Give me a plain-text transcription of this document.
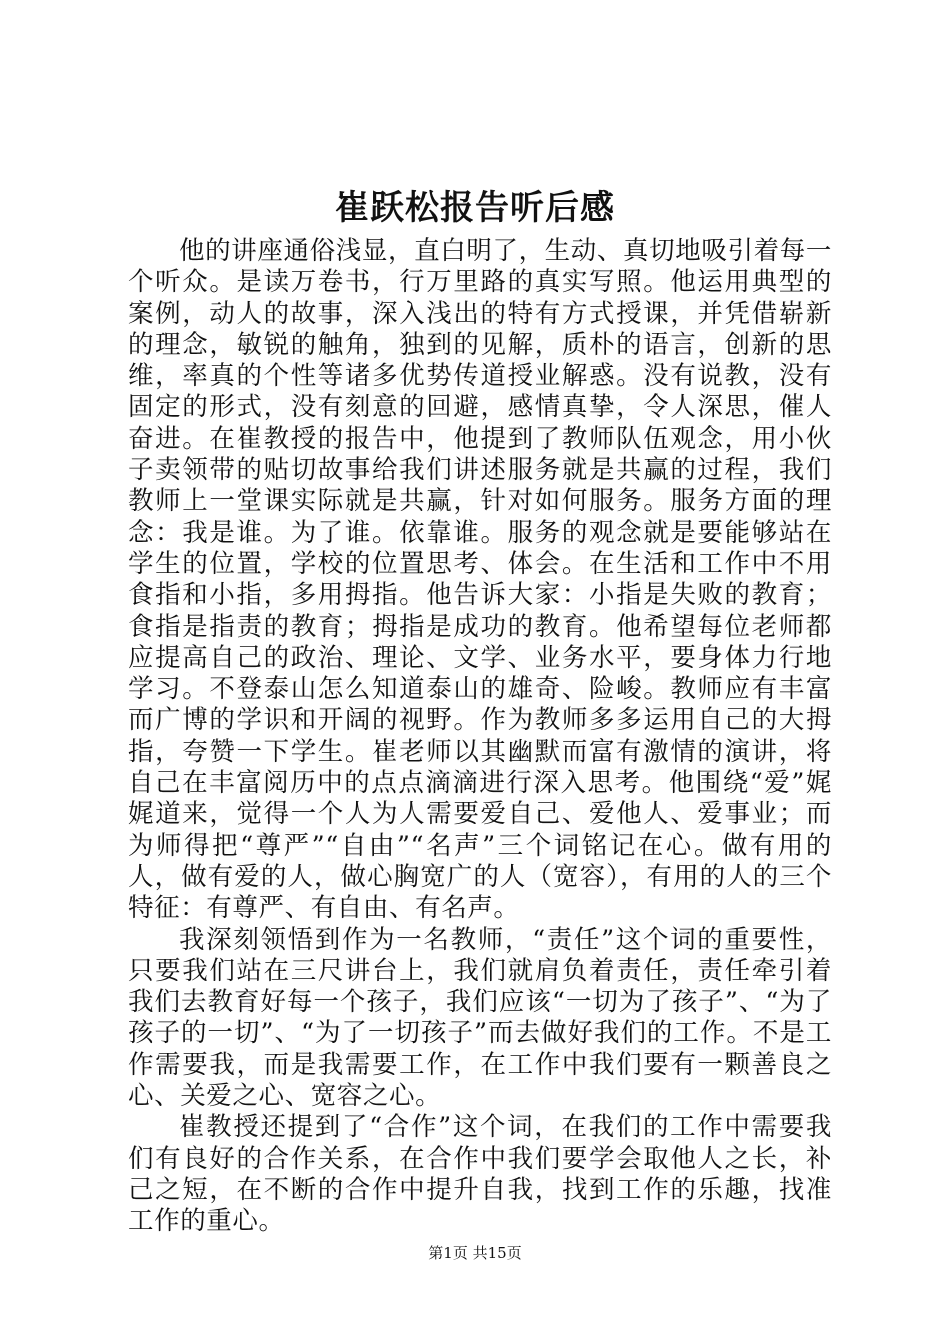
崔跃松报告听后感

他的讲座通俗浅显，直白明了，生动、真切地吸引着每一个听众。是读万卷书，行万里路的真实写照。他运用典型的案例，动人的故事，深入浅出的特有方式授课，并凭借崭新的理念，敏锐的触角，独到的见解，质朴的语言，创新的思维，率真的个性等诸多优势传道授业解惑。没有说教，没有固定的形式，没有刻意的回避，感情真挚，令人深思，催人奋进。在崔教授的报告中，他提到了教师队伍观念，用小伙子卖领带的贴切故事给我们讲述服务就是共赢的过程，我们教师上一堂课实际就是共赢，针对如何服务。服务方面的理念：我是谁。为了谁。依靠谁。服务的观念就是要能够站在学生的位置，学校的位置思考、体会。在生活和工作中不用食指和小指，多用拇指。他告诉大家：小指是失败的教育；食指是指责的教育；拇指是成功的教育。他希望每位老师都应提高自己的政治、理论、文学、业务水平，要身体力行地学习。不登泰山怎么知道泰山的雄奇、险峻。教师应有丰富而广博的学识和开阔的视野。作为教师多多运用自己的大拇指，夸赞一下学生。崔老师以其幽默而富有激情的演讲，将自己在丰富阅历中的点点滴滴进行深入思考。他围绕“爱”娓娓道来，觉得一个人为人需要爱自己、爱他人、爱事业；而为师得把“尊严”“自由”“名声”三个词铭记在心。做有用的人，做有爱的人，做心胸宽广的人（宽容），有用的人的三个特征：有尊严、有自由、有名声。

我深刻领悟到作为一名教师，“责任”这个词的重要性，只要我们站在三尺讲台上，我们就肩负着责任，责任牵引着我们去教育好每一个孩子，我们应该“一切为了孩子”、“为了孩子的一切”、“为了一切孩子”而去做好我们的工作。不是工作需要我，而是我需要工作，在工作中我们要有一颗善良之心、关爱之心、宽容之心。

崔教授还提到了“合作”这个词，在我们的工作中需要我们有良好的合作关系，在合作中我们要学会取他人之长，补己之短，在不断的合作中提升自我，找到工作的乐趣，找准工作的重心。

第1页 共15页
